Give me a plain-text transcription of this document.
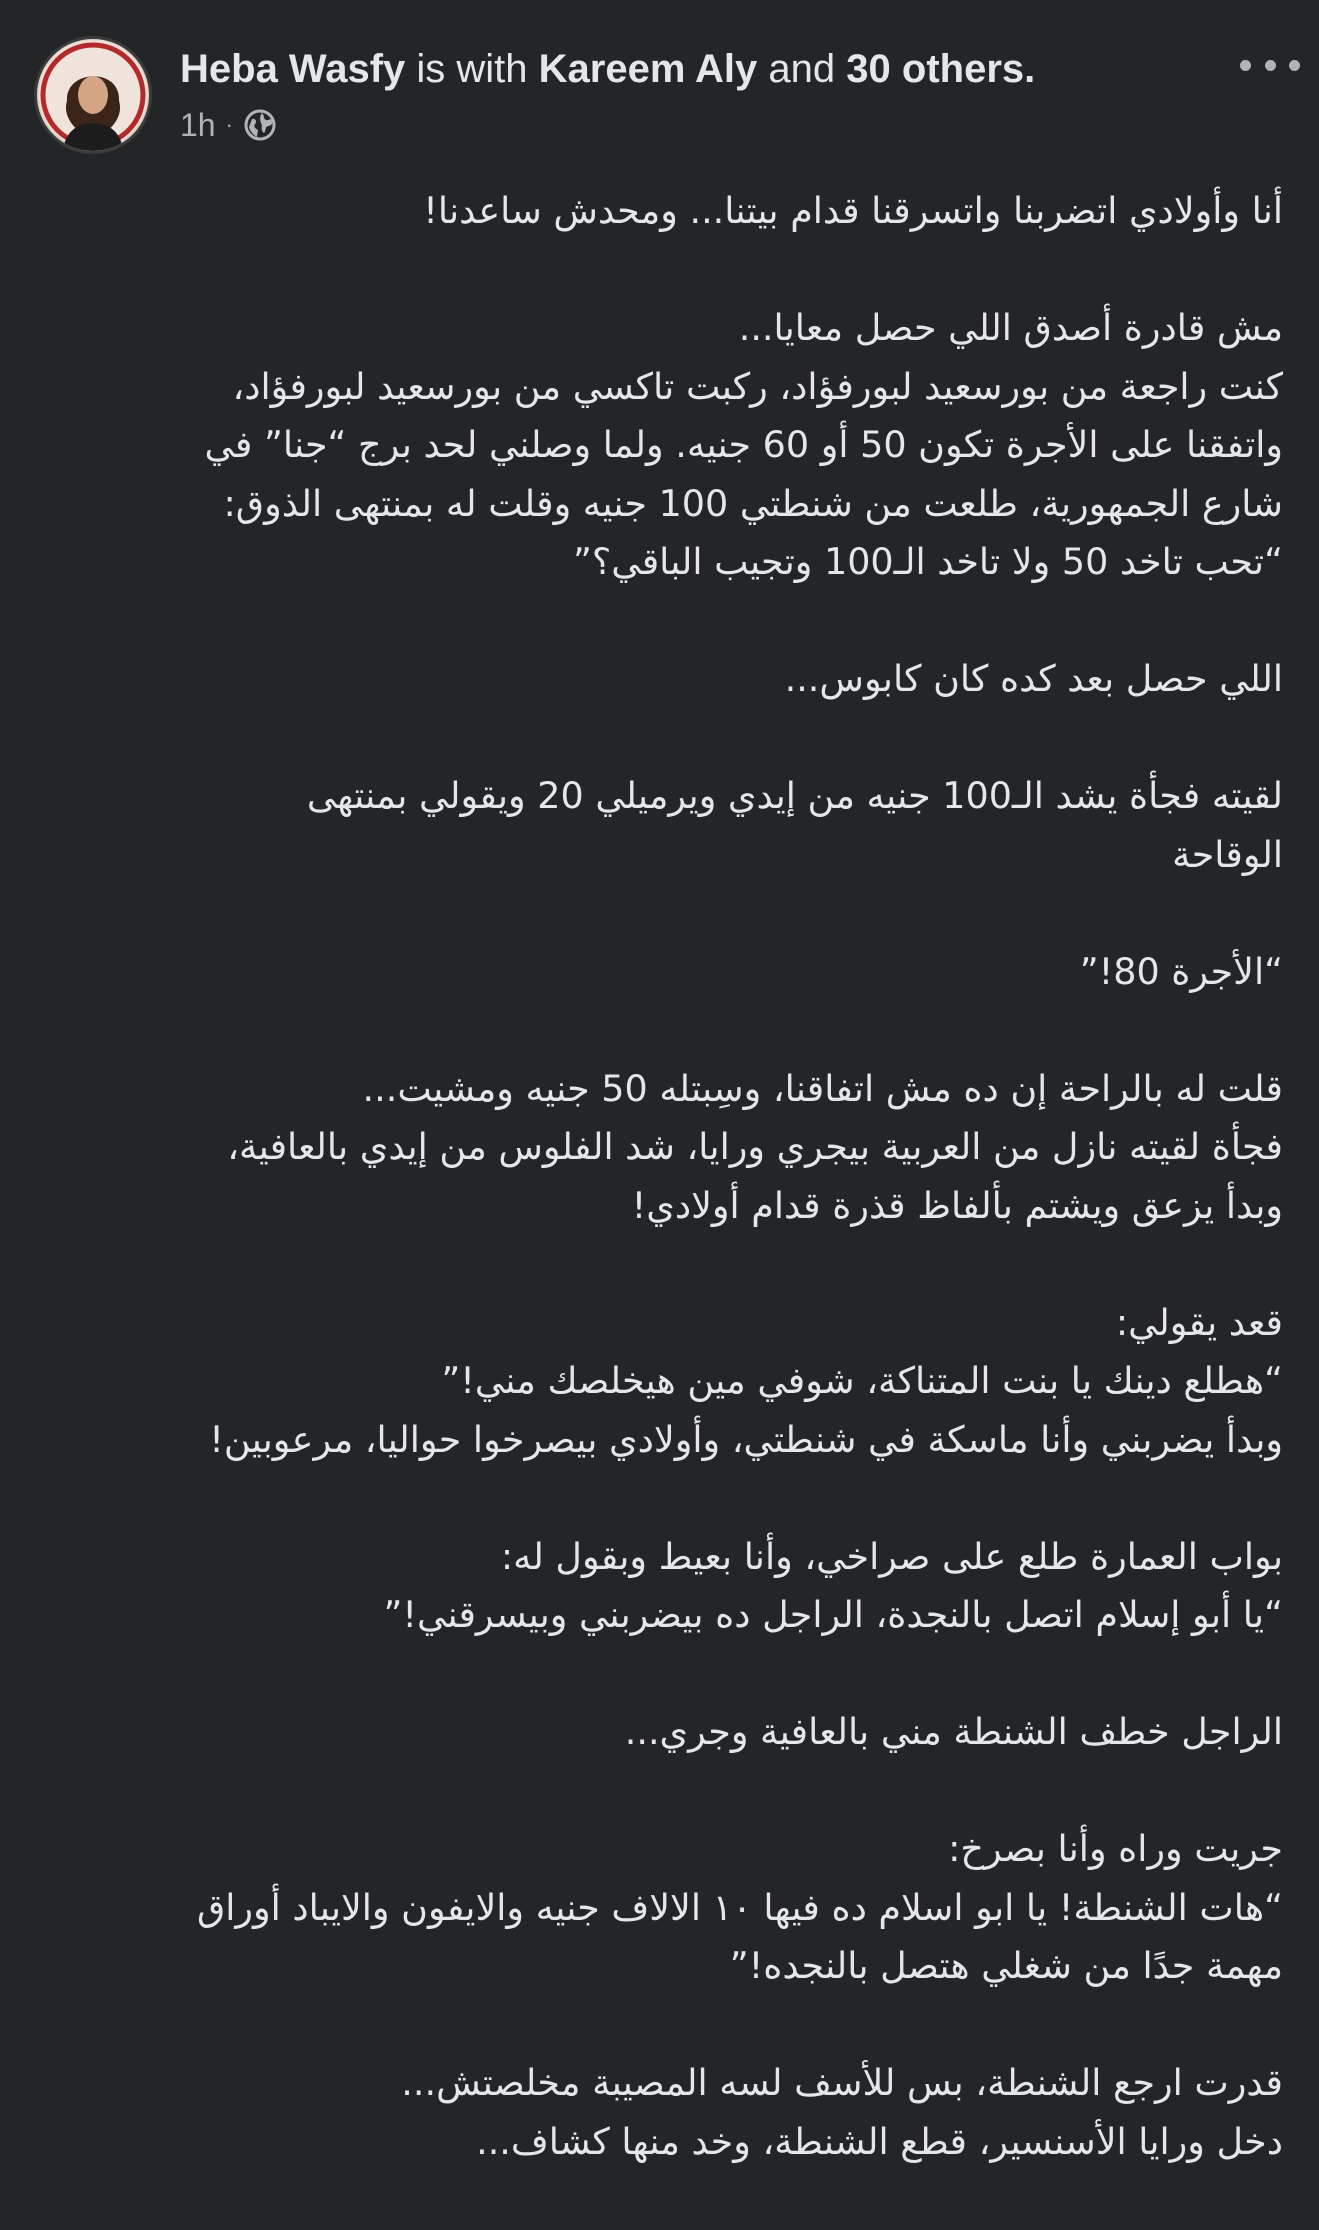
Heba Wasfy is with Kareem Aly and 30 others.
1h ·

أنا وأولادي اتضربنا واتسرقنا قدام بيتنا... ومحدش ساعدنا!

مش قادرة أصدق اللي حصل معايا...
كنت راجعة من بورسعيد لبورفؤاد، ركبت تاكسي من بورسعيد لبورفؤاد،
واتفقنا على الأجرة تكون 50 أو 60 جنيه. ولما وصلني لحد برج “جنا” في
شارع الجمهورية، طلعت من شنطتي 100 جنيه وقلت له بمنتهى الذوق:
“تحب تاخد 50 ولا تاخد الـ100 وتجيب الباقي؟”

اللي حصل بعد كده كان كابوس...

لقيته فجأة يشد الـ100 جنيه من إيدي ويرميلي 20 ويقولي بمنتهى
الوقاحة

“الأجرة 80!”

قلت له بالراحة إن ده مش اتفاقنا، وسِبتله 50 جنيه ومشيت...
فجأة لقيته نازل من العربية بيجري ورايا، شد الفلوس من إيدي بالعافية،
وبدأ يزعق ويشتم بألفاظ قذرة قدام أولادي!

قعد يقولي:
“هطلع دينك يا بنت المتناكة، شوفي مين هيخلصك مني!”
وبدأ يضربني وأنا ماسكة في شنطتي، وأولادي بيصرخوا حواليا، مرعوبين!

بواب العمارة طلع على صراخي، وأنا بعيط وبقول له:
“يا أبو إسلام اتصل بالنجدة، الراجل ده بيضربني وبيسرقني!”

الراجل خطف الشنطة مني بالعافية وجري...

جريت وراه وأنا بصرخ:
“هات الشنطة! يا ابو اسلام ده فيها ١٠ الالاف جنيه والايفون والايباد أوراق
مهمة جدًا من شغلي هتصل بالنجده!”

قدرت ارجع الشنطة، بس للأسف لسه المصيبة مخلصتش...
دخل ورايا الأسنسير، قطع الشنطة، وخد منها كشاف...
